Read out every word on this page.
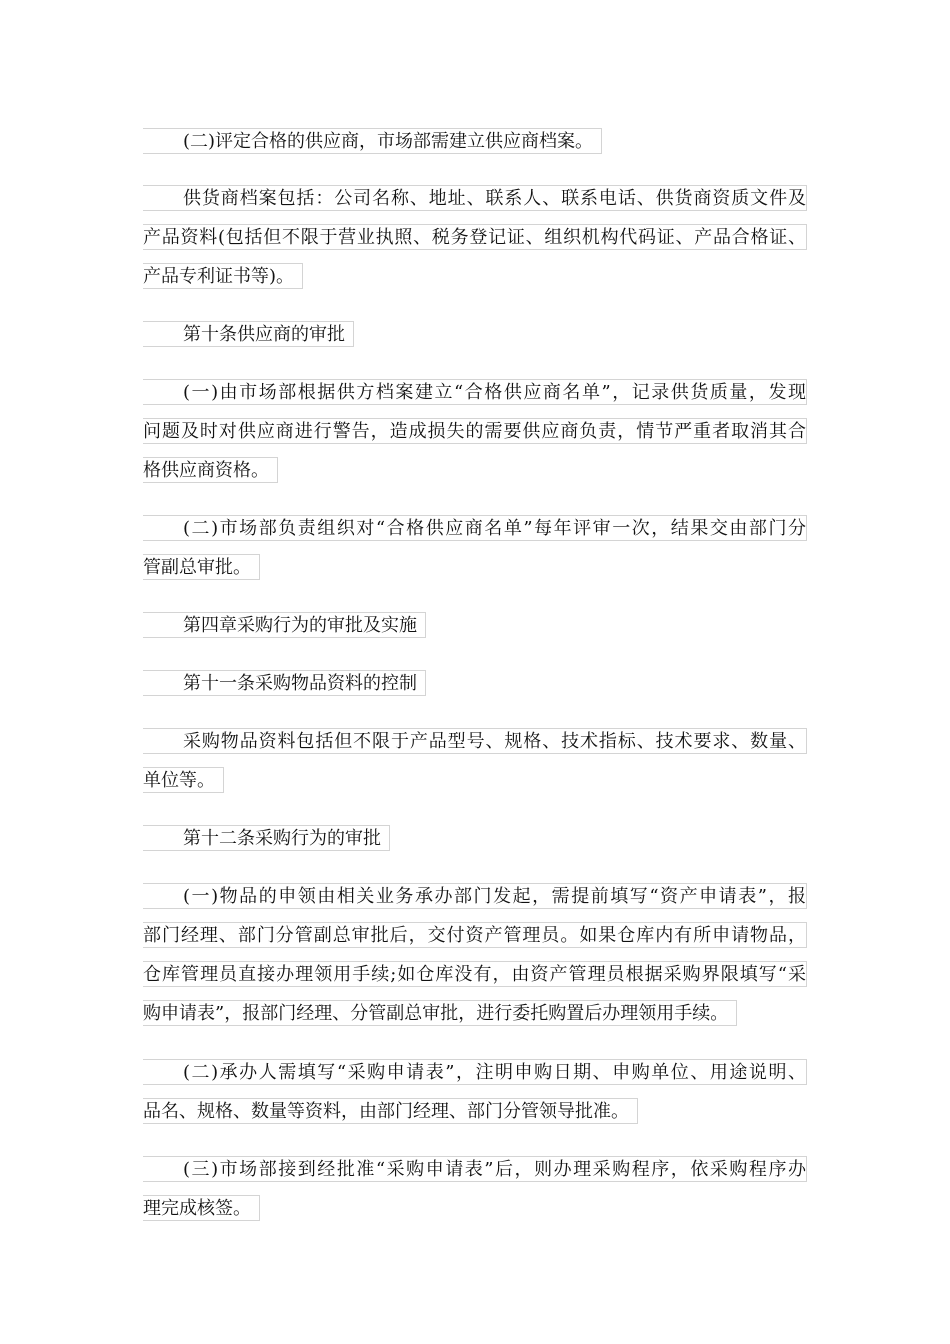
(二)评定合格的供应商，市场部需建立供应商档案。
供货商档案包括：公司名称、地址、联系人、联系电话、供货商资质文件及
产品资料(包括但不限于营业执照、税务登记证、组织机构代码证、产品合格证、
产品专利证书等)。
第十条供应商的审批
(一)由市场部根据供方档案建立“合格供应商名单”，记录供货质量，发现
问题及时对供应商进行警告，造成损失的需要供应商负责，情节严重者取消其合
格供应商资格。
(二)市场部负责组织对“合格供应商名单”每年评审一次，结果交由部门分
管副总审批。
第四章采购行为的审批及实施
第十一条采购物品资料的控制
采购物品资料包括但不限于产品型号、规格、技术指标、技术要求、数量、
单位等。
第十二条采购行为的审批
(一)物品的申领由相关业务承办部门发起，需提前填写“资产申请表”，报
部门经理、部门分管副总审批后，交付资产管理员。如果仓库内有所申请物品，
仓库管理员直接办理领用手续;如仓库没有，由资产管理员根据采购界限填写“采
购申请表”，报部门经理、分管副总审批，进行委托购置后办理领用手续。
(二)承办人需填写“采购申请表”，注明申购日期、申购单位、用途说明、
品名、规格、数量等资料，由部门经理、部门分管领导批准。
(三)市场部接到经批准“采购申请表”后，则办理采购程序，依采购程序办
理完成核签。
